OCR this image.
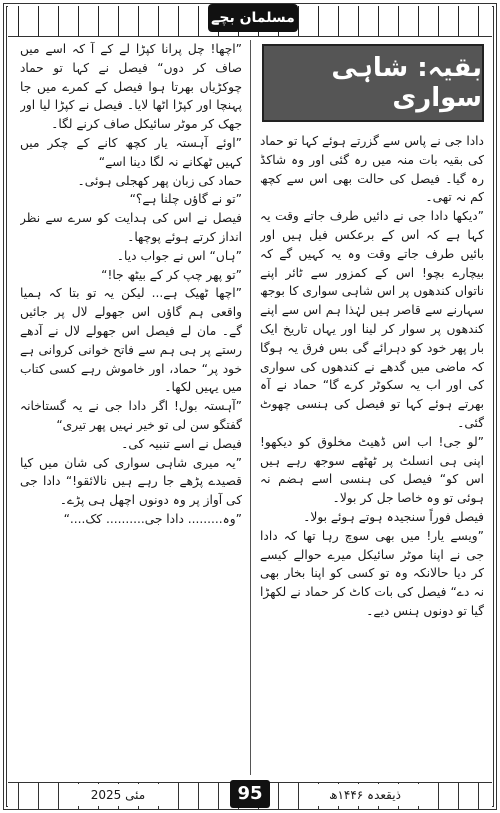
مسلمان بچے
بقیہ: شاہی سواری

دادا جی نے پاس سے گزرتے ہوئے کہا تو حماد کی بقیہ بات منہ میں رہ گئی اور وہ شاکڈ رہ گیا۔ فیصل کی حالت بھی اس سے کچھ کم نہ تھی۔

”دیکھا دادا جی نے دائیں طرف جاتے وقت یہ کہا ہے کہ اس کے برعکس فیل ہیں اور بائیں طرف جاتے وقت وہ یہ کہیں گے کہ بیچارے بچو! اس کے کمزور سے ٹائر اپنے ناتواں کندھوں پر اس شاہی سواری کا بوجھ سہارنے سے قاصر ہیں لہٰذا ہم اس سے اپنے کندھوں پر سوار کر لینا اور یہاں تاریخ ایک بار پھر خود کو دہرائے گی بس فرق یہ ہوگا کہ ماضی میں گدھے نے کندھوں کی سواری کی اور اب یہ سکوٹر کرے گا“ حماد نے آہ بھرتے ہوئے کہا تو فیصل کی ہنسی چھوٹ گئی۔

”لو جی! اب اس ڈھیٹ مخلوق کو دیکھو! اپنی ہی انسلٹ پر ٹھٹھے سوجھ رہے ہیں اس کو“ فیصل کی ہنسی اسے ہضم نہ ہوئی تو وہ خاصا جل کر بولا۔

فیصل فوراً سنجیدہ ہوتے ہوئے بولا۔

”ویسے یار! میں بھی سوچ رہا تھا کہ دادا جی نے اپنا موٹر سائیکل میرے حوالے کیسے کر دیا حالانکہ وہ تو کسی کو اپنا بخار بھی نہ دے“ فیصل کی بات کاٹ کر حماد نے لکھڑا گیا تو دونوں ہنس دیے۔

”اچھا! چل پرانا کپڑا لے کے آ کہ اسے میں صاف کر دوں“ فیصل نے کہا تو حماد چوکڑیاں بھرتا ہوا فیصل کے کمرے میں جا پہنچا اور کپڑا اٹھا لایا۔ فیصل نے کپڑا لیا اور جھک کر موٹر سائیکل صاف کرنے لگا۔

”اوئے آہستہ یار کچھ کانے کے چکر میں کہیں ٹھکانے نہ لگا دینا اسے“

حماد کی زبان پھر کھجلی ہوئی۔

”تو نے گاؤں چلنا ہے؟“

فیصل نے اس کی ہدایت کو سرے سے نظر انداز کرتے ہوئے پوچھا۔

”ہاں“ اس نے جواب دیا۔

”تو پھر چپ کر کے بیٹھ جا!“

”اچھا ٹھیک ہے... لیکن یہ تو بتا کہ ہمیا واقعی ہم گاؤں اس جھولے لال پر جائیں گے۔ مان لے فیصل اس جھولے لال نے آدھے رستے پر ہی ہم سے فاتح خوانی کروانی ہے خود پر“ حماد، اور خاموش رہے کسی کتاب میں یہیں لکھا۔

”آہستہ بول! اگر دادا جی نے یہ گستاخانہ گفتگو سن لی تو خیر نہیں پھر تیری“

فیصل نے اسے تنبیہ کی۔

”یہ میری شاہی سواری کی شان میں کیا قصیدے پڑھے جا رہے ہیں نالائقو!“ دادا جی کی آواز پر وہ دونوں اچھل ہی پڑے۔

”وہ......... دادا جی.......... کک....“

مئی 2025	95	ذیقعدہ ۱۴۴۶ھ
